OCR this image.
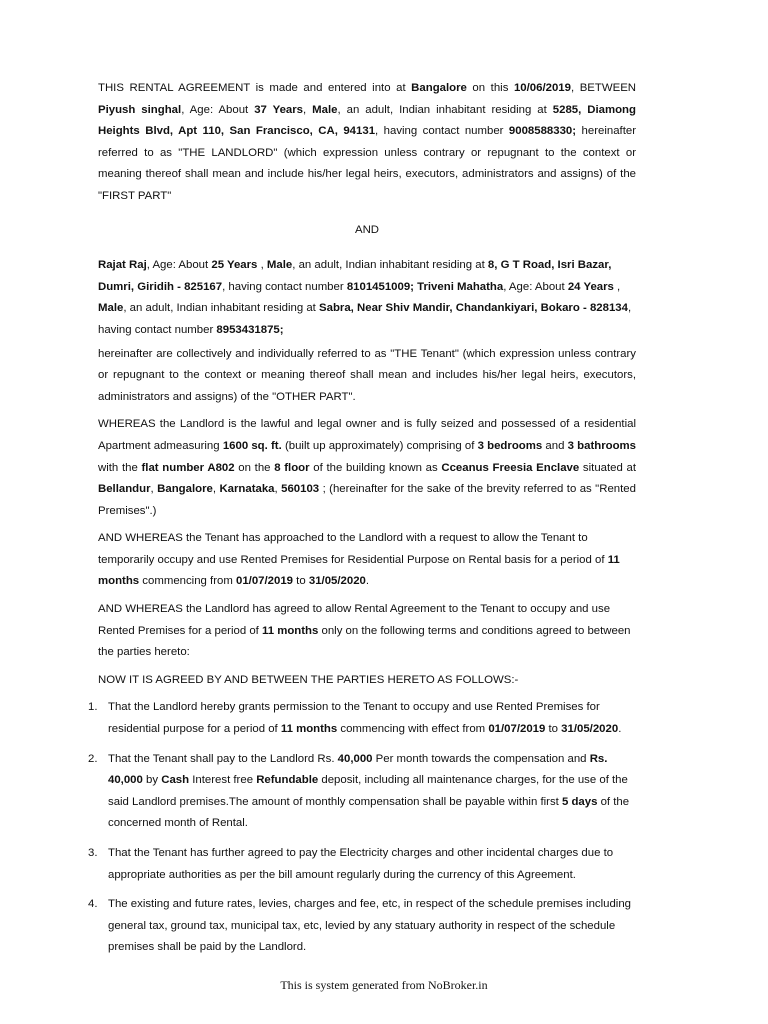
THIS RENTAL AGREEMENT is made and entered into at Bangalore on this 10/06/2019, BETWEEN Piyush singhal, Age: About 37 Years, Male, an adult, Indian inhabitant residing at 5285, Diamong Heights Blvd, Apt 110, San Francisco, CA, 94131, having contact number 9008588330; hereinafter referred to as "THE LANDLORD" (which expression unless contrary or repugnant to the context or meaning thereof shall mean and include his/her legal heirs, executors, administrators and assigns) of the "FIRST PART"

AND

Rajat Raj, Age: About 25 Years , Male, an adult, Indian inhabitant residing at 8, G T Road, Isri Bazar, Dumri, Giridih - 825167, having contact number 8101451009; Triveni Mahatha, Age: About 24 Years , Male, an adult, Indian inhabitant residing at Sabra, Near Shiv Mandir, Chandankiyari, Bokaro - 828134, having contact number 8953431875;

hereinafter are collectively and individually referred to as "THE Tenant" (which expression unless contrary or repugnant to the context or meaning thereof shall mean and includes his/her legal heirs, executors, administrators and assigns) of the "OTHER PART".

WHEREAS the Landlord is the lawful and legal owner and is fully seized and possessed of a residential Apartment admeasuring 1600 sq. ft. (built up approximately) comprising of 3 bedrooms and 3 bathrooms with the flat number A802 on the 8 floor of the building known as Cceanus Freesia Enclave situated at Bellandur, Bangalore, Karnataka, 560103 ; (hereinafter for the sake of the brevity referred to as "Rented Premises".)

AND WHEREAS the Tenant has approached to the Landlord with a request to allow the Tenant to temporarily occupy and use Rented Premises for Residential Purpose on Rental basis for a period of 11 months commencing from 01/07/2019 to 31/05/2020.

AND WHEREAS the Landlord has agreed to allow Rental Agreement to the Tenant to occupy and use Rented Premises for a period of 11 months only on the following terms and conditions agreed to between the parties hereto:

NOW IT IS AGREED BY AND BETWEEN THE PARTIES HERETO AS FOLLOWS:-

1. That the Landlord hereby grants permission to the Tenant to occupy and use Rented Premises for residential purpose for a period of 11 months commencing with effect from 01/07/2019 to 31/05/2020.
2. That the Tenant shall pay to the Landlord Rs. 40,000 Per month towards the compensation and Rs. 40,000 by Cash Interest free Refundable deposit, including all maintenance charges, for the use of the said Landlord premises.The amount of monthly compensation shall be payable within first 5 days of the concerned month of Rental.
3. That the Tenant has further agreed to pay the Electricity charges and other incidental charges due to appropriate authorities as per the bill amount regularly during the currency of this Agreement.
4. The existing and future rates, levies, charges and fee, etc, in respect of the schedule premises including general tax, ground tax, municipal tax, etc, levied by any statuary authority in respect of the schedule premises shall be paid by the Landlord.
This is system generated from NoBroker.in
